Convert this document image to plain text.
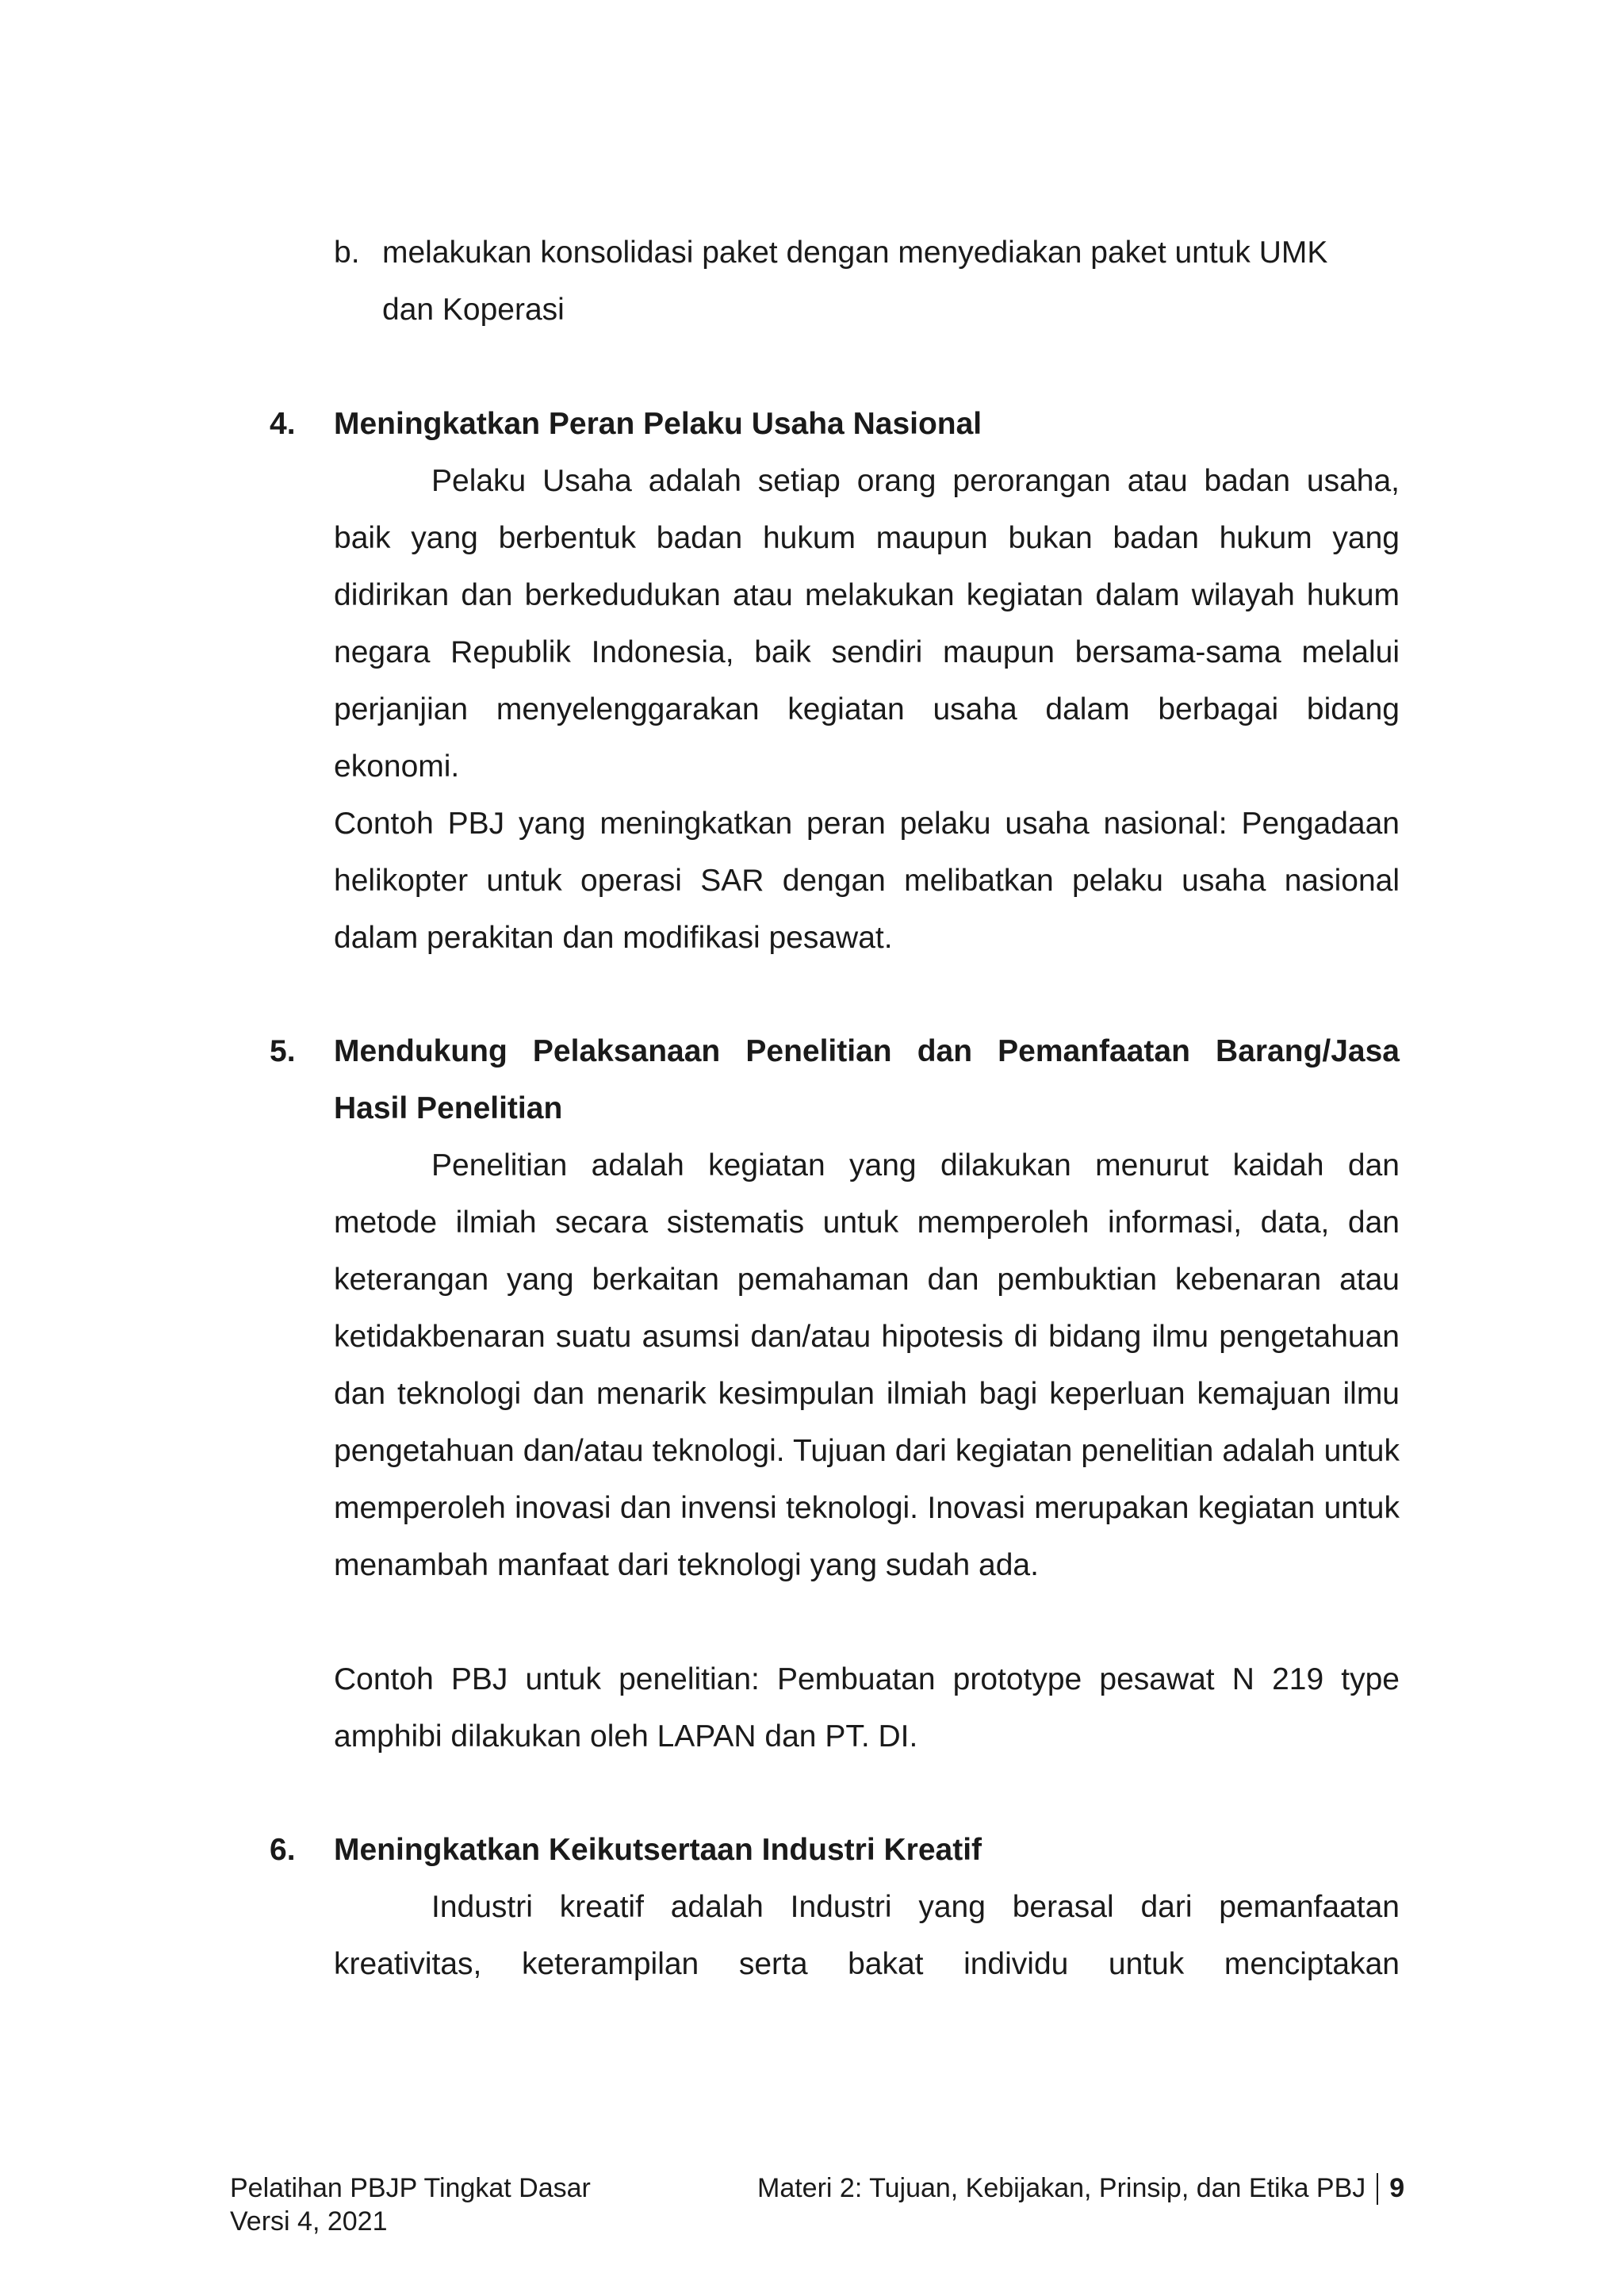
b. melakukan konsolidasi paket dengan menyediakan paket untuk UMK
dan Koperasi
4. Meningkatkan Peran Pelaku Usaha Nasional
Pelaku Usaha adalah setiap orang perorangan atau badan usaha, baik yang berbentuk badan hukum maupun bukan badan hukum yang didirikan dan berkedudukan atau melakukan kegiatan dalam wilayah hukum negara Republik Indonesia, baik sendiri maupun bersama-sama melalui perjanjian menyelenggarakan kegiatan usaha dalam berbagai bidang ekonomi.
Contoh PBJ yang meningkatkan peran pelaku usaha nasional: Pengadaan helikopter untuk operasi SAR dengan melibatkan pelaku usaha nasional dalam perakitan dan modifikasi pesawat.
5. Mendukung Pelaksanaan Penelitian dan Pemanfaatan Barang/Jasa
Hasil Penelitian
Penelitian adalah kegiatan yang dilakukan menurut kaidah dan metode ilmiah secara sistematis untuk memperoleh informasi, data, dan keterangan yang berkaitan pemahaman dan pembuktian kebenaran atau ketidakbenaran suatu asumsi dan/atau hipotesis di bidang ilmu pengetahuan dan teknologi dan menarik kesimpulan ilmiah bagi keperluan kemajuan ilmu pengetahuan dan/atau teknologi. Tujuan dari kegiatan penelitian adalah untuk memperoleh inovasi dan invensi teknologi. Inovasi merupakan kegiatan untuk menambah manfaat dari teknologi yang sudah ada.
Contoh PBJ untuk penelitian: Pembuatan prototype pesawat N 219 type amphibi dilakukan oleh LAPAN dan PT. DI.
6. Meningkatkan Keikutsertaan Industri Kreatif
Industri kreatif adalah Industri yang berasal dari pemanfaatan kreativitas, keterampilan serta bakat individu untuk menciptakan
Pelatihan PBJP Tingkat Dasar
Versi 4, 2021
Materi 2: Tujuan, Kebijakan, Prinsip, dan Etika PBJ 9
